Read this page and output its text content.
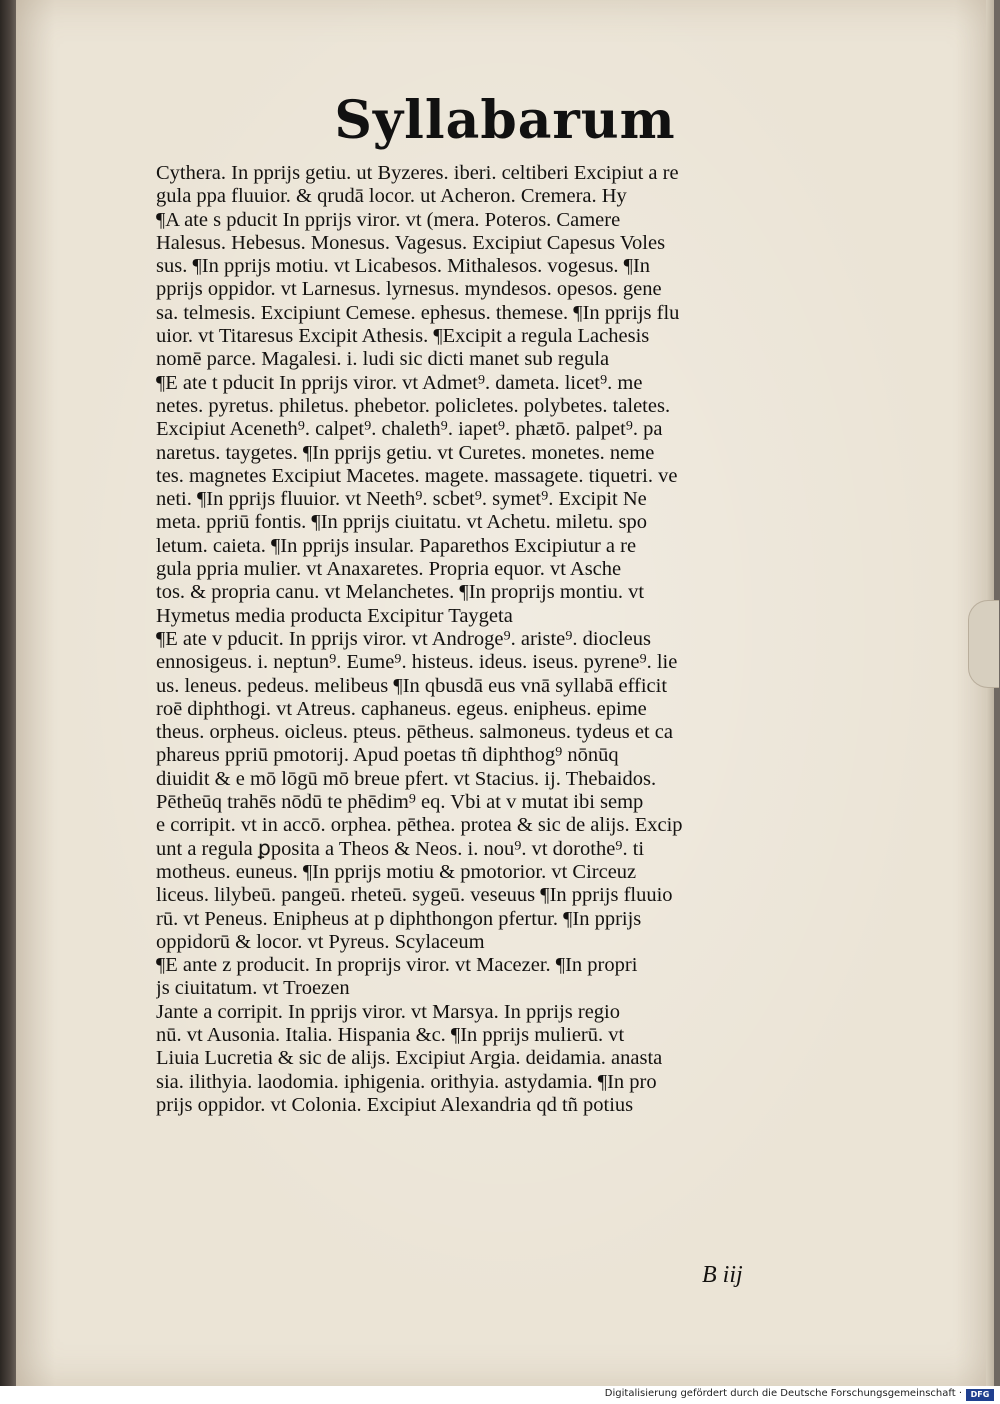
Syllabarum
Cythera. In pprijs getiu. ut Byzeres. iberi. celtiberi Excipiut a re
gula ppa fluuior. & qrudā locor. ut Acheron. Cremera. Hy
¶A ate s pducit In pprijs viror. vt (mera. Poteros. Camere
Halesus. Hebesus. Monesus. Vagesus. Excipiut Capesus Voles
sus. ¶In pprijs motiu. vt Licabesos. Mithalesos. vogesus. ¶In
pprijs oppidor. vt Larnesus. lyrnesus. myndesos. opesos. gene
sa. telmesis. Excipiunt Cemese. ephesus. themese. ¶In pprijs flu
uior. vt Titaresus Excipit Athesis. ¶Excipit a regula Lachesis
nomē parce. Magalesi. i. ludi sic dicti manet sub regula
¶E ate t pducit In pprijs viror. vt Admet⁹. dameta. licet⁹. me
netes. pyretus. philetus. phebetor. policletes. polybetes. taletes.
Excipiut Aceneth⁹. calpet⁹. chaleth⁹. iapet⁹. phætō. palpet⁹. pa
naretus. taygetes. ¶In pprijs getiu. vt Curetes. monetes. neme
tes. magnetes Excipiut Macetes. magete. massagete. tiquetri. ve
neti. ¶In pprijs fluuior. vt Neeth⁹. scbet⁹. symet⁹. Excipit Ne
meta. ppriū fontis. ¶In pprijs ciuitatu. vt Achetu. miletu. spo
letum. caieta. ¶In pprijs insular. Paparethos Excipiutur a re
gula ppria mulier. vt Anaxaretes. Propria equor. vt Asche
tos. & propria canu. vt Melanchetes. ¶In proprijs montiu. vt
Hymetus media producta Excipitur Taygeta
¶E ate v pducit. In pprijs viror. vt Androge⁹. ariste⁹. diocleus
ennosigeus. i. neptun⁹. Eume⁹. histeus. ideus. iseus. pyrene⁹. lie
us. leneus. pedeus. melibeus ¶In qbusdā eus vnā syllabā efficit
roē diphthogi. vt Atreus. caphaneus. egeus. enipheus. epime
theus. orpheus. oicleus. pteus. pētheus. salmoneus. tydeus et ca
phareus ppriū pmotorij. Apud poetas tñ diphthog⁹ nōnūq
diuidit & e mō lōgū mō breue pfert. vt Stacius. ij. Thebaidos.
Pētheūq trahēs nōdū te phēdim⁹ eq. Vbi at v mutat ibi semp
e corripit. vt in accō. orphea. pēthea. protea & sic de alijs. Excip
unt a regula ꝑposita a Theos & Neos. i. nou⁹. vt dorothe⁹. ti
motheus. euneus. ¶In pprijs motiu & pmotorior. vt Circeuz
liceus. lilybeū. pangeū. rheteū. sygeū. veseuus ¶In pprijs fluuio
rū. vt Peneus. Enipheus at p diphthongon pfertur. ¶In pprijs
oppidorū & locor. vt Pyreus. Scylaceum
¶E ante z producit. In proprijs viror. vt Macezer. ¶In propri
js ciuitatum. vt Troezen
Jante a corripit. In pprijs viror. vt Marsya. In pprijs regio
nū. vt Ausonia. Italia. Hispania &c. ¶In pprijs mulierū. vt
Liuia Lucretia & sic de alijs. Excipiut Argia. deidamia. anasta
sia. ilithyia. laodomia. iphigenia. orithyia. astydamia. ¶In pro
prijs oppidor. vt Colonia. Excipiut Alexandria qd tñ potius
B iij
Digitalisierung gefördert durch die Deutsche Forschungsgemeinschaft ·	DFG
